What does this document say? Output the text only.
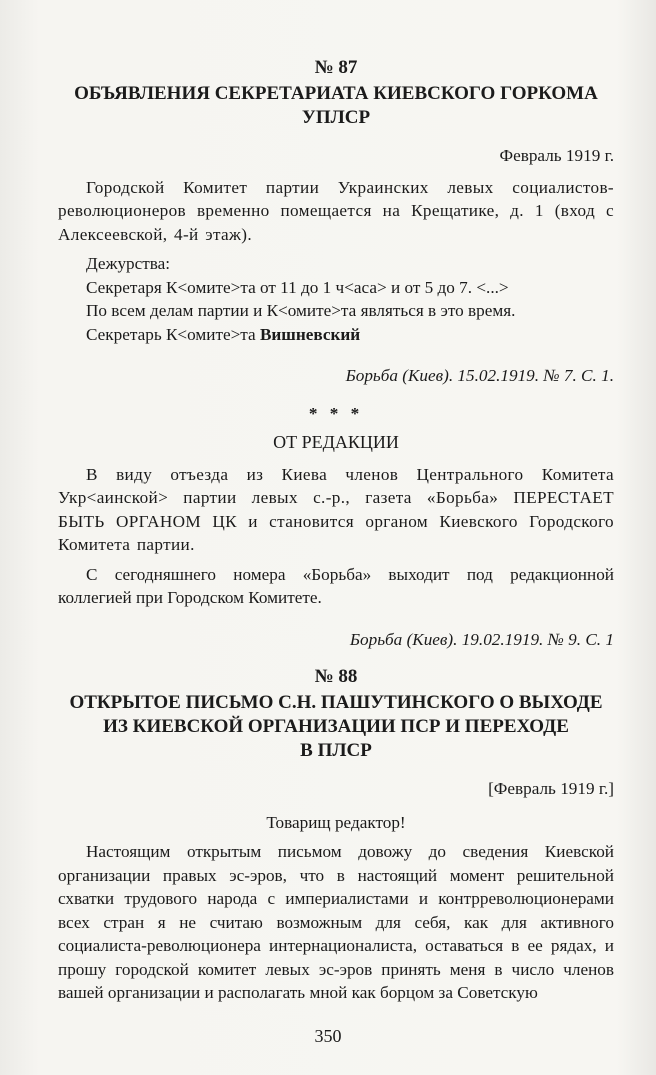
№ 87
ОБЪЯВЛЕНИЯ СЕКРЕТАРИАТА КИЕВСКОГО ГОРКОМА
УПЛСР
Февраль 1919 г.

Городской Комитет партии Украинских левых социалистов-революционеров временно помещается на Крещатике, д. 1 (вход с Алексеевской, 4-й этаж).

Дежурства:

Секретаря К<омите>та от 11 до 1 ч<аса> и от 5 до 7. <...>

По всем делам партии и К<омите>та являться в это время.

Секретарь К<омите>та Вишневский

Борьба (Киев). 15.02.1919. № 7. С. 1.
* * *
ОТ РЕДАКЦИИ

В виду отъезда из Киева членов Центрального Комитета Укр<аинской> партии левых с.-р., газета «Борьба» ПЕРЕСТАЕТ БЫТЬ ОРГАНОМ ЦК и становится органом Киевского Городского Комитета партии.

С сегодняшнего номера «Борьба» выходит под редакционной коллегией при Городском Комитете.

Борьба (Киев). 19.02.1919. № 9. С. 1
№ 88
ОТКРЫТОЕ ПИСЬМО С.Н. ПАШУТИНСКОГО О ВЫХОДЕ
ИЗ КИЕВСКОЙ ОРГАНИЗАЦИИ ПСР И ПЕРЕХОДЕ
В ПЛСР
[Февраль 1919 г.]
Товарищ редактор!

Настоящим открытым письмом довожу до сведения Киевской организации правых эс-эров, что в настоящий момент решительной схватки трудового народа с империалистами и контрреволюционерами всех стран я не считаю возможным для себя, как для активного социалиста-революционера интернационалиста, оставаться в ее рядах, и прошу городской комитет левых эс-эров принять меня в число членов вашей организации и располагать мной как борцом за Советскую

350
